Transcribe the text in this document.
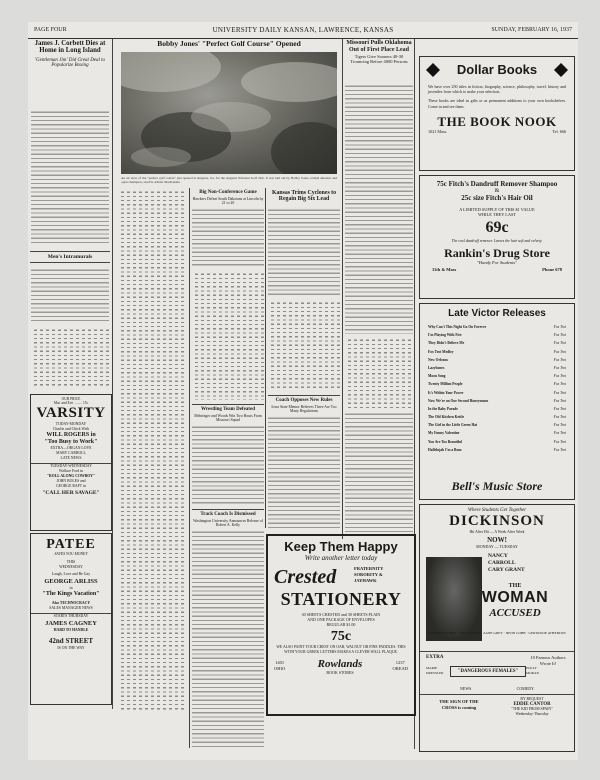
PAGE FOUR	UNIVERSITY DAILY KANSAN, LAWRENCE, KANSAS	SUNDAY, FEBRUARY 16, 1937
James J. Corbett Dies at Home in Long Island
'Gentleman Jim' Did Great Deal to Popularize Boxing
Men's Intramurals
OUR PRICE
Mat. and Eve. ........ 15c
VARSITY
TODAY-MONDAY
Charlie and Chick With
WILL ROGERS in
"Too Busy to Work"
EXTRA—ORGAN LOVE
MARY CARROLL
LATE NEWS
TUESDAY-WEDNESDAY
Wallace Ford in
"ROLL ALONG COWBOY"
JOHN BOLES and
GEORGE RAFT in
"CALL HER SAVAGE"
PATEE
SAVES YOU MONEY
THIS
WEDNESDAY
Laugh, Love and Be Gay
GEORGE ARLISS
in
"The Kings Vacation"
Also TECHNOCRACY
SALES MANAGER NEWS
STARTS THURSDAY
JAMES CAGNEY
HARD TO HANDLE
42nd STREET
IS ON THE WAY
Bobby Jones' "Perfect Golf Course" Opened
An air view of the "perfect golf course" just opened at Augusta, Ga. for the Augusta National Golf club. It was laid out by Bobby Jones, retired amateur and open champion, and Dr. Alister MacKenzie.
Big Non-Conference Game
Hawkers Defeat South Dakotans at Lincoln by 21 to 20
Wrestling Team Defeated
Mehringer and Woods Win Two Bouts From Missouri Squad
Track Coach Is Dismissed
Washington University Announces Release of Robert A. Kelly
Kansas Trims Cyclones to Regain Big Six Lead
Coach Opposes New Rules
Iowa State Mentor Believes Three Are Too Many Regulations
Missouri Pulls Oklahoma Out of First Place Lead
Tigers Give Sooners 40-30 Trouncing Before 4000 Persons
Keep Them Happy
Write another letter today
Crested	FRATERNITY
SORORITY &
JAYHAWK
STATIONERY
30 SHEETS CRESTED and 30 SHEETS PLAIN
AND ONE PACKAGE OF ENVELOPES
REGULAR $1.00
75c
WE ALSO PAINT YOUR CREST ON OAR, WALNUT OR FINE PADDLES. THIS WITH YOUR GREEK LETTERS MAKES A CLEVER WALL PLAQUE.
1401
OHIO	Rowlands
BOOK STORES
1237
OREAD
Dollar Books
We have over 250 titles in fiction, biography, science, philosophy, travel, history and juveniles from which to make your selection.
These books are ideal as gifts or as permanent additions to your own bookshelves. Come in and see them.
THE BOOK NOOK
1021 Mass.	Tel. 666
75c Fitch's Dandruff Remover Shampoo
&
25c size Fitch's Hair Oil
A LIMITED SUPPLY OF THIS $1 VALUE
WHILE THEY LAST
69c
The cool dandruff remover. Leaves the hair soft and velvety.
Rankin's Drug Store
"Handy For Students"
11th & Mass	Phone 678
Late Victor Releases
Why Can't This Night Go On Forever	Fox Trot
I'm Playing With Fire	Fox Trot
They Didn't Believe Me	Fox Trot
Fox Trot Medley	Fox Trot
New Orleans	Fox Trot
Lazybones	Fox Trot
Moon Song	Fox Trot
Twenty Million People	Fox Trot
It's Within Your Power	Fox Trot
Now We're on Our Second Honeymoon	Fox Trot
In the Baby Parade	Fox Trot
The Old Kitchen Kettle	Fox Trot
The Girl in the Little Green Hat	Fox Trot
My Funny Valentine	Fox Trot
You Are Too Beautiful	Fox Trot
Hallelujah I'm a Bum	Fox Trot
Bell's Music Store
Where Students Get Together
DICKINSON
Hit After Hit — A Week After Week
NOW!
MONDAY — TUESDAY
NANCY
CARROLL
CARY GRANT
THE
WOMAN
ACCUSED
RUPERT HUGHES · VICKI BAUM · ZANE GREY · IRVIN COBB · GERTRUDE ATHERTON
EXTRA	10 Famous Authors Wrote It!
MARIE DRESSLER	"DANGEROUS FEMALES"
POLLY MORAN
NEWS	COMEDY
THE SIGN OF THE
CROSS is coming
BY REQUEST
EDDIE CANTOR
"THE KID FROM SPAIN"
Wednesday-Thursday
